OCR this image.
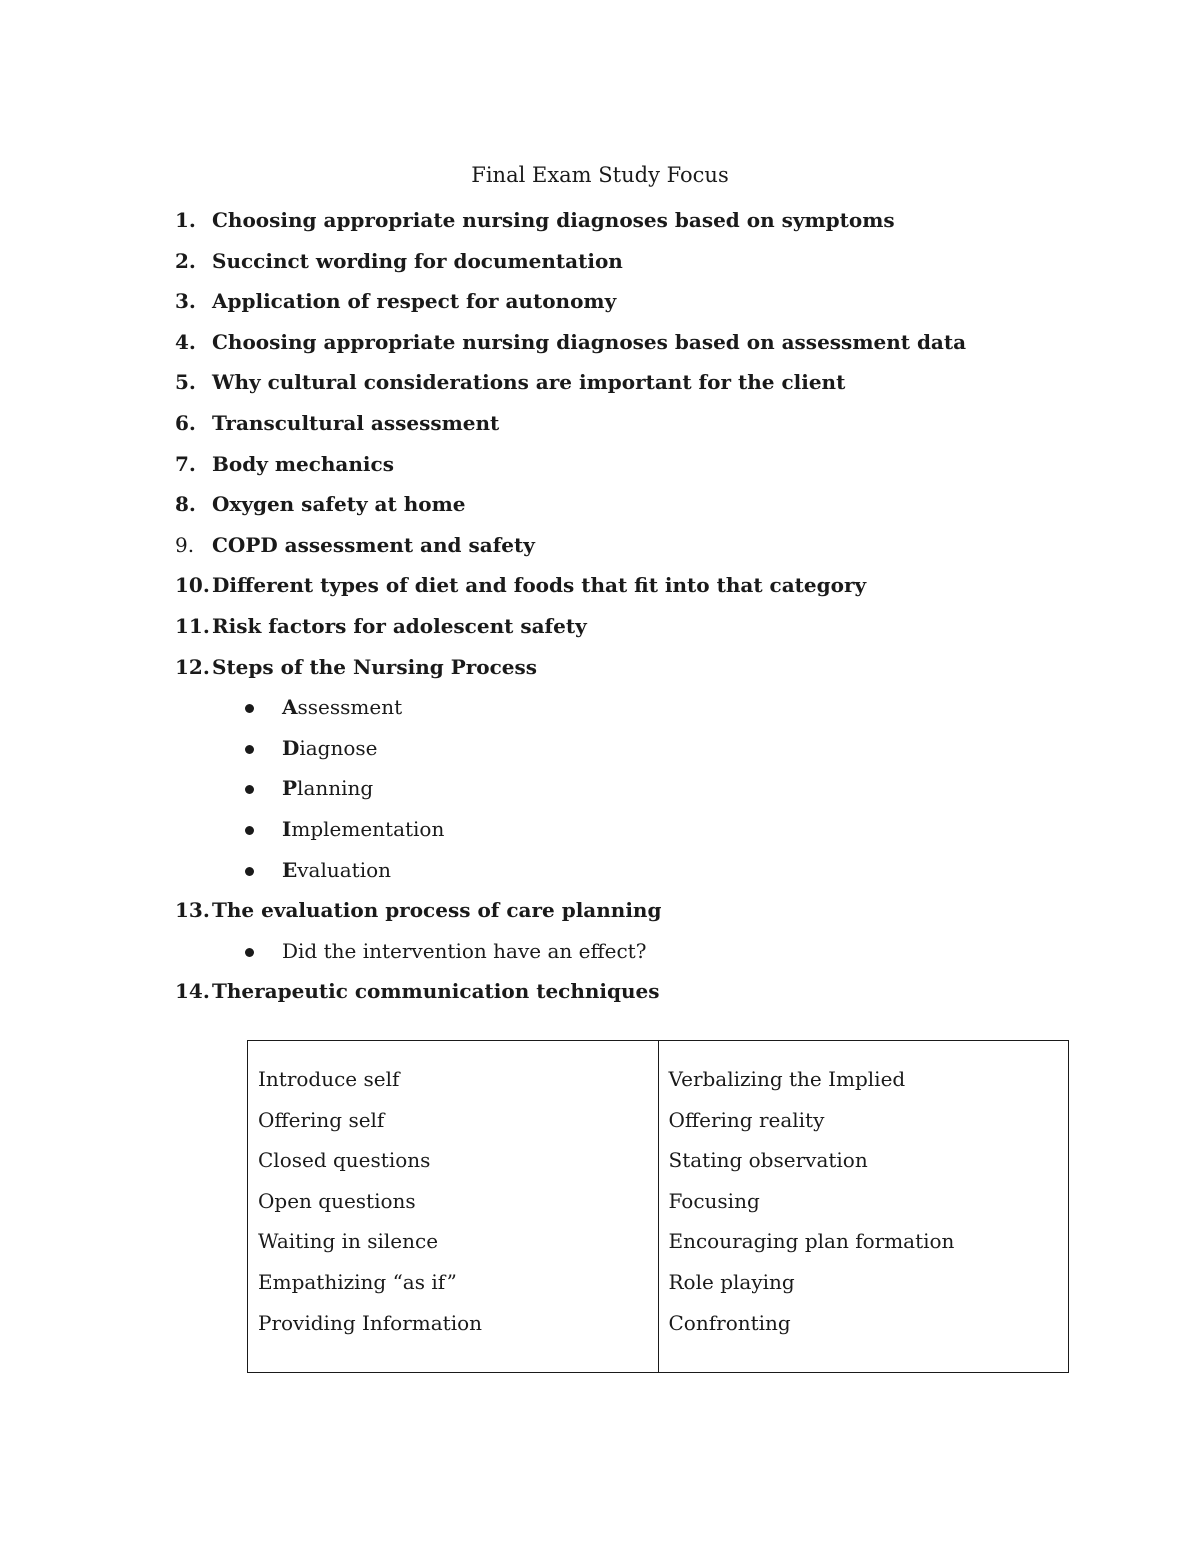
Final Exam Study Focus
1. Choosing appropriate nursing diagnoses based on symptoms
2. Succinct wording for documentation
3. Application of respect for autonomy
4. Choosing appropriate nursing diagnoses based on assessment data
5. Why cultural considerations are important for the client
6. Transcultural assessment
7. Body mechanics
8. Oxygen safety at home
9. COPD assessment and safety
10. Different types of diet and foods that fit into that category
11. Risk factors for adolescent safety
12. Steps of the Nursing Process
A ssessment
D iagnose
P lanning
I mplementation
E valuation
13. The evaluation process of care planning
Did the intervention have an effect?
14. Therapeutic communication techniques
Introduce self
Offering self
Closed questions
Open questions
Waiting in silence
Empathizing “as if”
Providing Information
Verbalizing the Implied
Offering reality
Stating observation
Focusing
Encouraging plan formation
Role playing
Confronting
